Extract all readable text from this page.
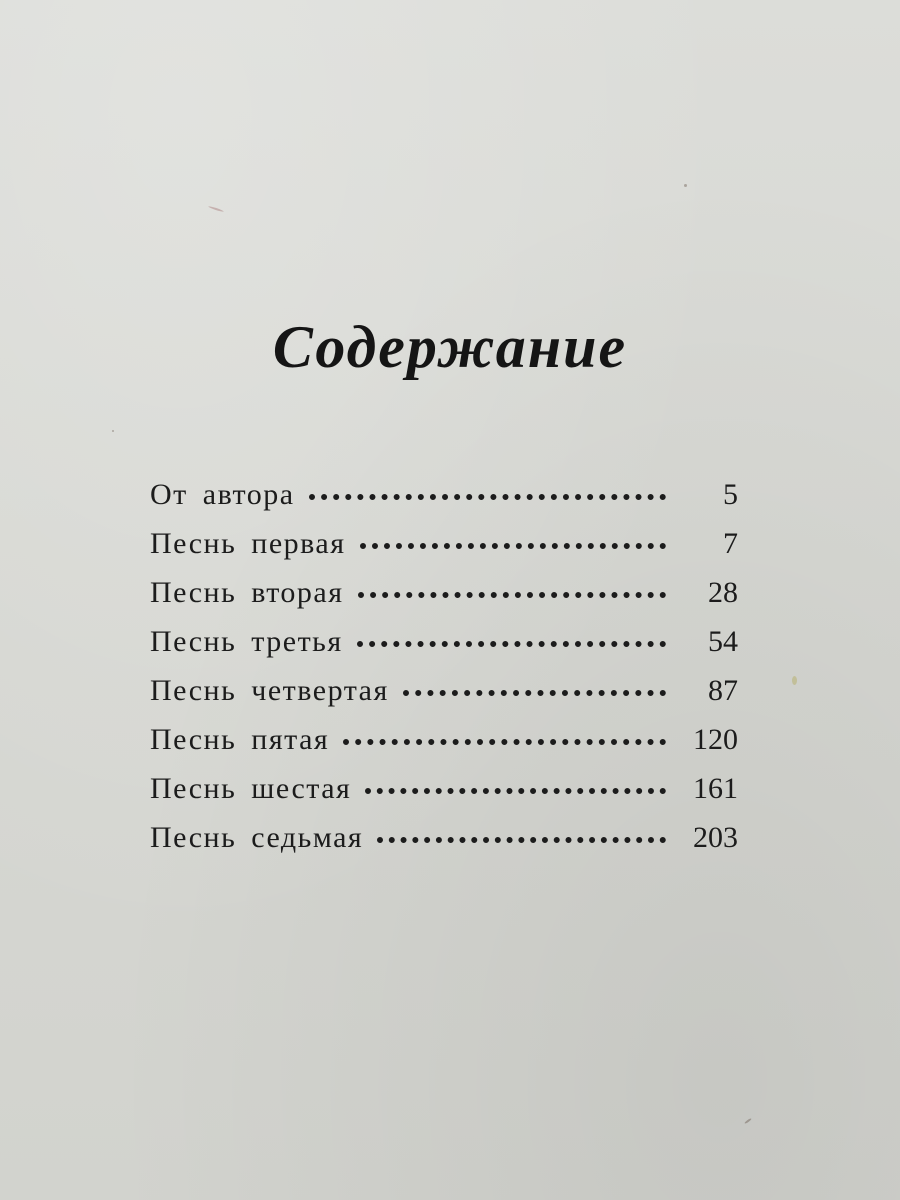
Содержание
От автора	5
Песнь первая	7
Песнь вторая	28
Песнь третья	54
Песнь четвертая	87
Песнь пятая	120
Песнь шестая	161
Песнь седьмая	203
